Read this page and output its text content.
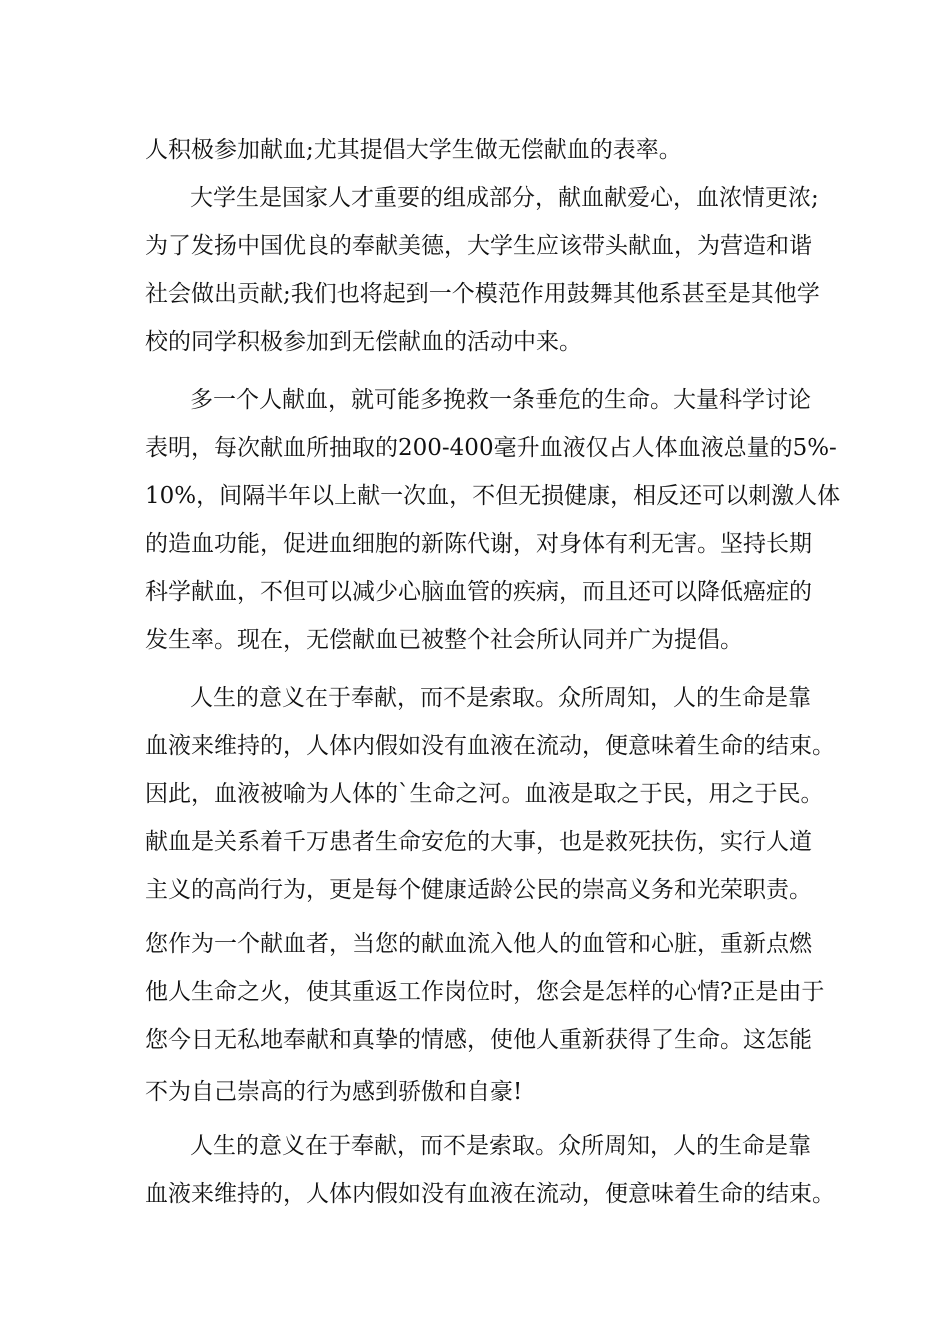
人积极参加献血;尤其提倡大学生做无偿献血的表率。
大学生是国家人才重要的组成部分，献血献爱心，血浓情更浓;
为了发扬中国优良的奉献美德，大学生应该带头献血，为营造和谐
社会做出贡献;我们也将起到一个模范作用鼓舞其他系甚至是其他学
校的同学积极参加到无偿献血的活动中来。
多一个人献血，就可能多挽救一条垂危的生命。大量科学讨论
表明，每次献血所抽取的200-400毫升血液仅占人体血液总量的5%-
10%，间隔半年以上献一次血，不但无损健康，相反还可以刺激人体
的造血功能，促进血细胞的新陈代谢，对身体有利无害。坚持长期
科学献血，不但可以减少心脑血管的疾病，而且还可以降低癌症的
发生率。现在，无偿献血已被整个社会所认同并广为提倡。
人生的意义在于奉献，而不是索取。众所周知，人的生命是靠
血液来维持的，人体内假如没有血液在流动，便意味着生命的结束。
因此，血液被喻为人体的`生命之河。血液是取之于民，用之于民。
献血是关系着千万患者生命安危的大事，也是救死扶伤，实行人道
主义的高尚行为，更是每个健康适龄公民的崇高义务和光荣职责。
您作为一个献血者，当您的献血流入他人的血管和心脏，重新点燃
他人生命之火，使其重返工作岗位时，您会是怎样的心情?正是由于
您今日无私地奉献和真挚的情感，使他人重新获得了生命。这怎能
不为自己崇高的行为感到骄傲和自豪!
人生的意义在于奉献，而不是索取。众所周知，人的生命是靠
血液来维持的，人体内假如没有血液在流动，便意味着生命的结束。
